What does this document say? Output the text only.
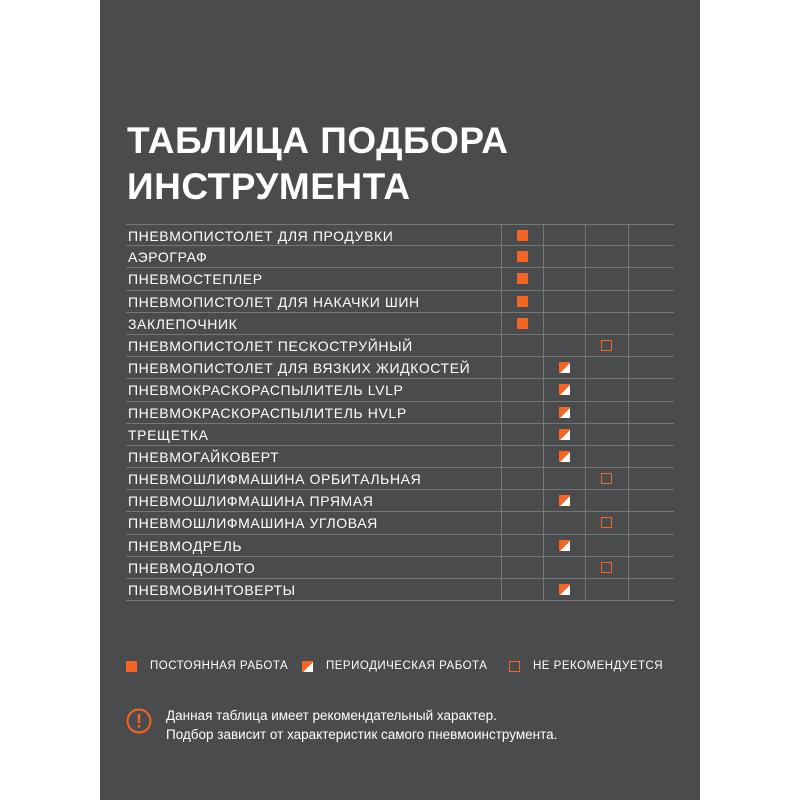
ТАБЛИЦА ПОДБОРА
ИНСТРУМЕНТА
ПНЕВМОПИСТОЛЕТ ДЛЯ ПРОДУВКИ
АЭРОГРАФ
ПНЕВМОСТЕПЛЕР
ПНЕВМОПИСТОЛЕТ ДЛЯ НАКАЧКИ ШИН
ЗАКЛЕПОЧНИК
ПНЕВМОПИСТОЛЕТ ПЕСКОСТРУЙНЫЙ
ПНЕВМОПИСТОЛЕТ ДЛЯ ВЯЗКИХ ЖИДКОСТЕЙ
ПНЕВМОКРАСКОРАСПЫЛИТЕЛЬ LVLP
ПНЕВМОКРАСКОРАСПЫЛИТЕЛЬ HVLP
ТРЕЩЕТКА
ПНЕВМОГАЙКОВЕРТ
ПНЕВМОШЛИФМАШИНА ОРБИТАЛЬНАЯ
ПНЕВМОШЛИФМАШИНА ПРЯМАЯ
ПНЕВМОШЛИФМАШИНА УГЛОВАЯ
ПНЕВМОДРЕЛЬ
ПНЕВМОДОЛОТО
ПНЕВМОВИНТОВЕРТЫ
ПОСТОЯННАЯ РАБОТА	ПЕРИОДИЧЕСКАЯ РАБОТА	НЕ РЕКОМЕНДУЕТСЯ
Данная таблица имеет рекомендательный характер.
Подбор зависит от характеристик самого пневмоинструмента.
